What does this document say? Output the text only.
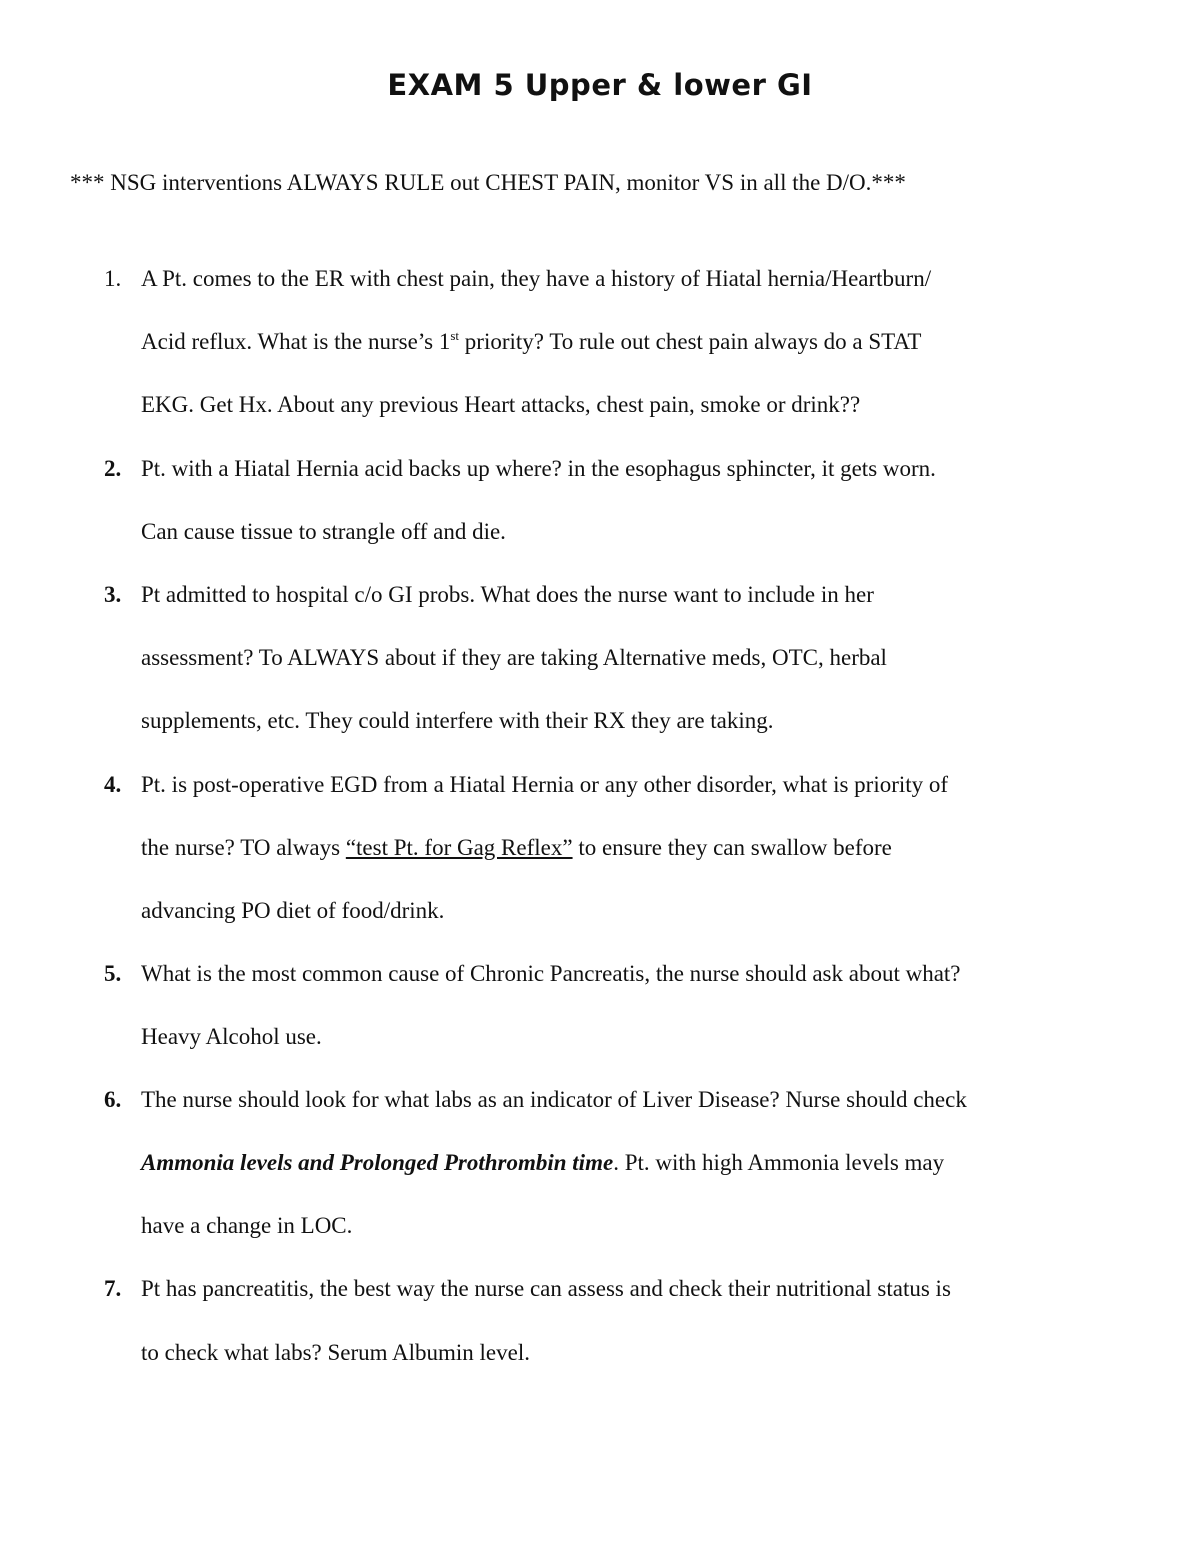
EXAM 5 Upper & lower GI
*** NSG interventions ALWAYS RULE out CHEST PAIN, monitor VS in all the D/O.***
1. A Pt. comes to the ER with chest pain, they have a history of Hiatal hernia/Heartburn/
Acid reflux. What is the nurse’s 1st priority? To rule out chest pain always do a STAT
EKG. Get Hx. About any previous Heart attacks, chest pain, smoke or drink??
2. Pt. with a Hiatal Hernia acid backs up where? in the esophagus sphincter, it gets worn.
Can cause tissue to strangle off and die.
3. Pt admitted to hospital c/o GI probs. What does the nurse want to include in her
assessment? To ALWAYS about if they are taking Alternative meds, OTC, herbal
supplements, etc. They could interfere with their RX they are taking.
4. Pt. is post-operative EGD from a Hiatal Hernia or any other disorder, what is priority of
the nurse? TO always “test Pt. for Gag Reflex” to ensure they can swallow before
advancing PO diet of food/drink.
5. What is the most common cause of Chronic Pancreatis, the nurse should ask about what?
Heavy Alcohol use.
6. The nurse should look for what labs as an indicator of Liver Disease? Nurse should check
Ammonia levels and Prolonged Prothrombin time. Pt. with high Ammonia levels may
have a change in LOC.
7. Pt has pancreatitis, the best way the nurse can assess and check their nutritional status is
to check what labs? Serum Albumin level.
